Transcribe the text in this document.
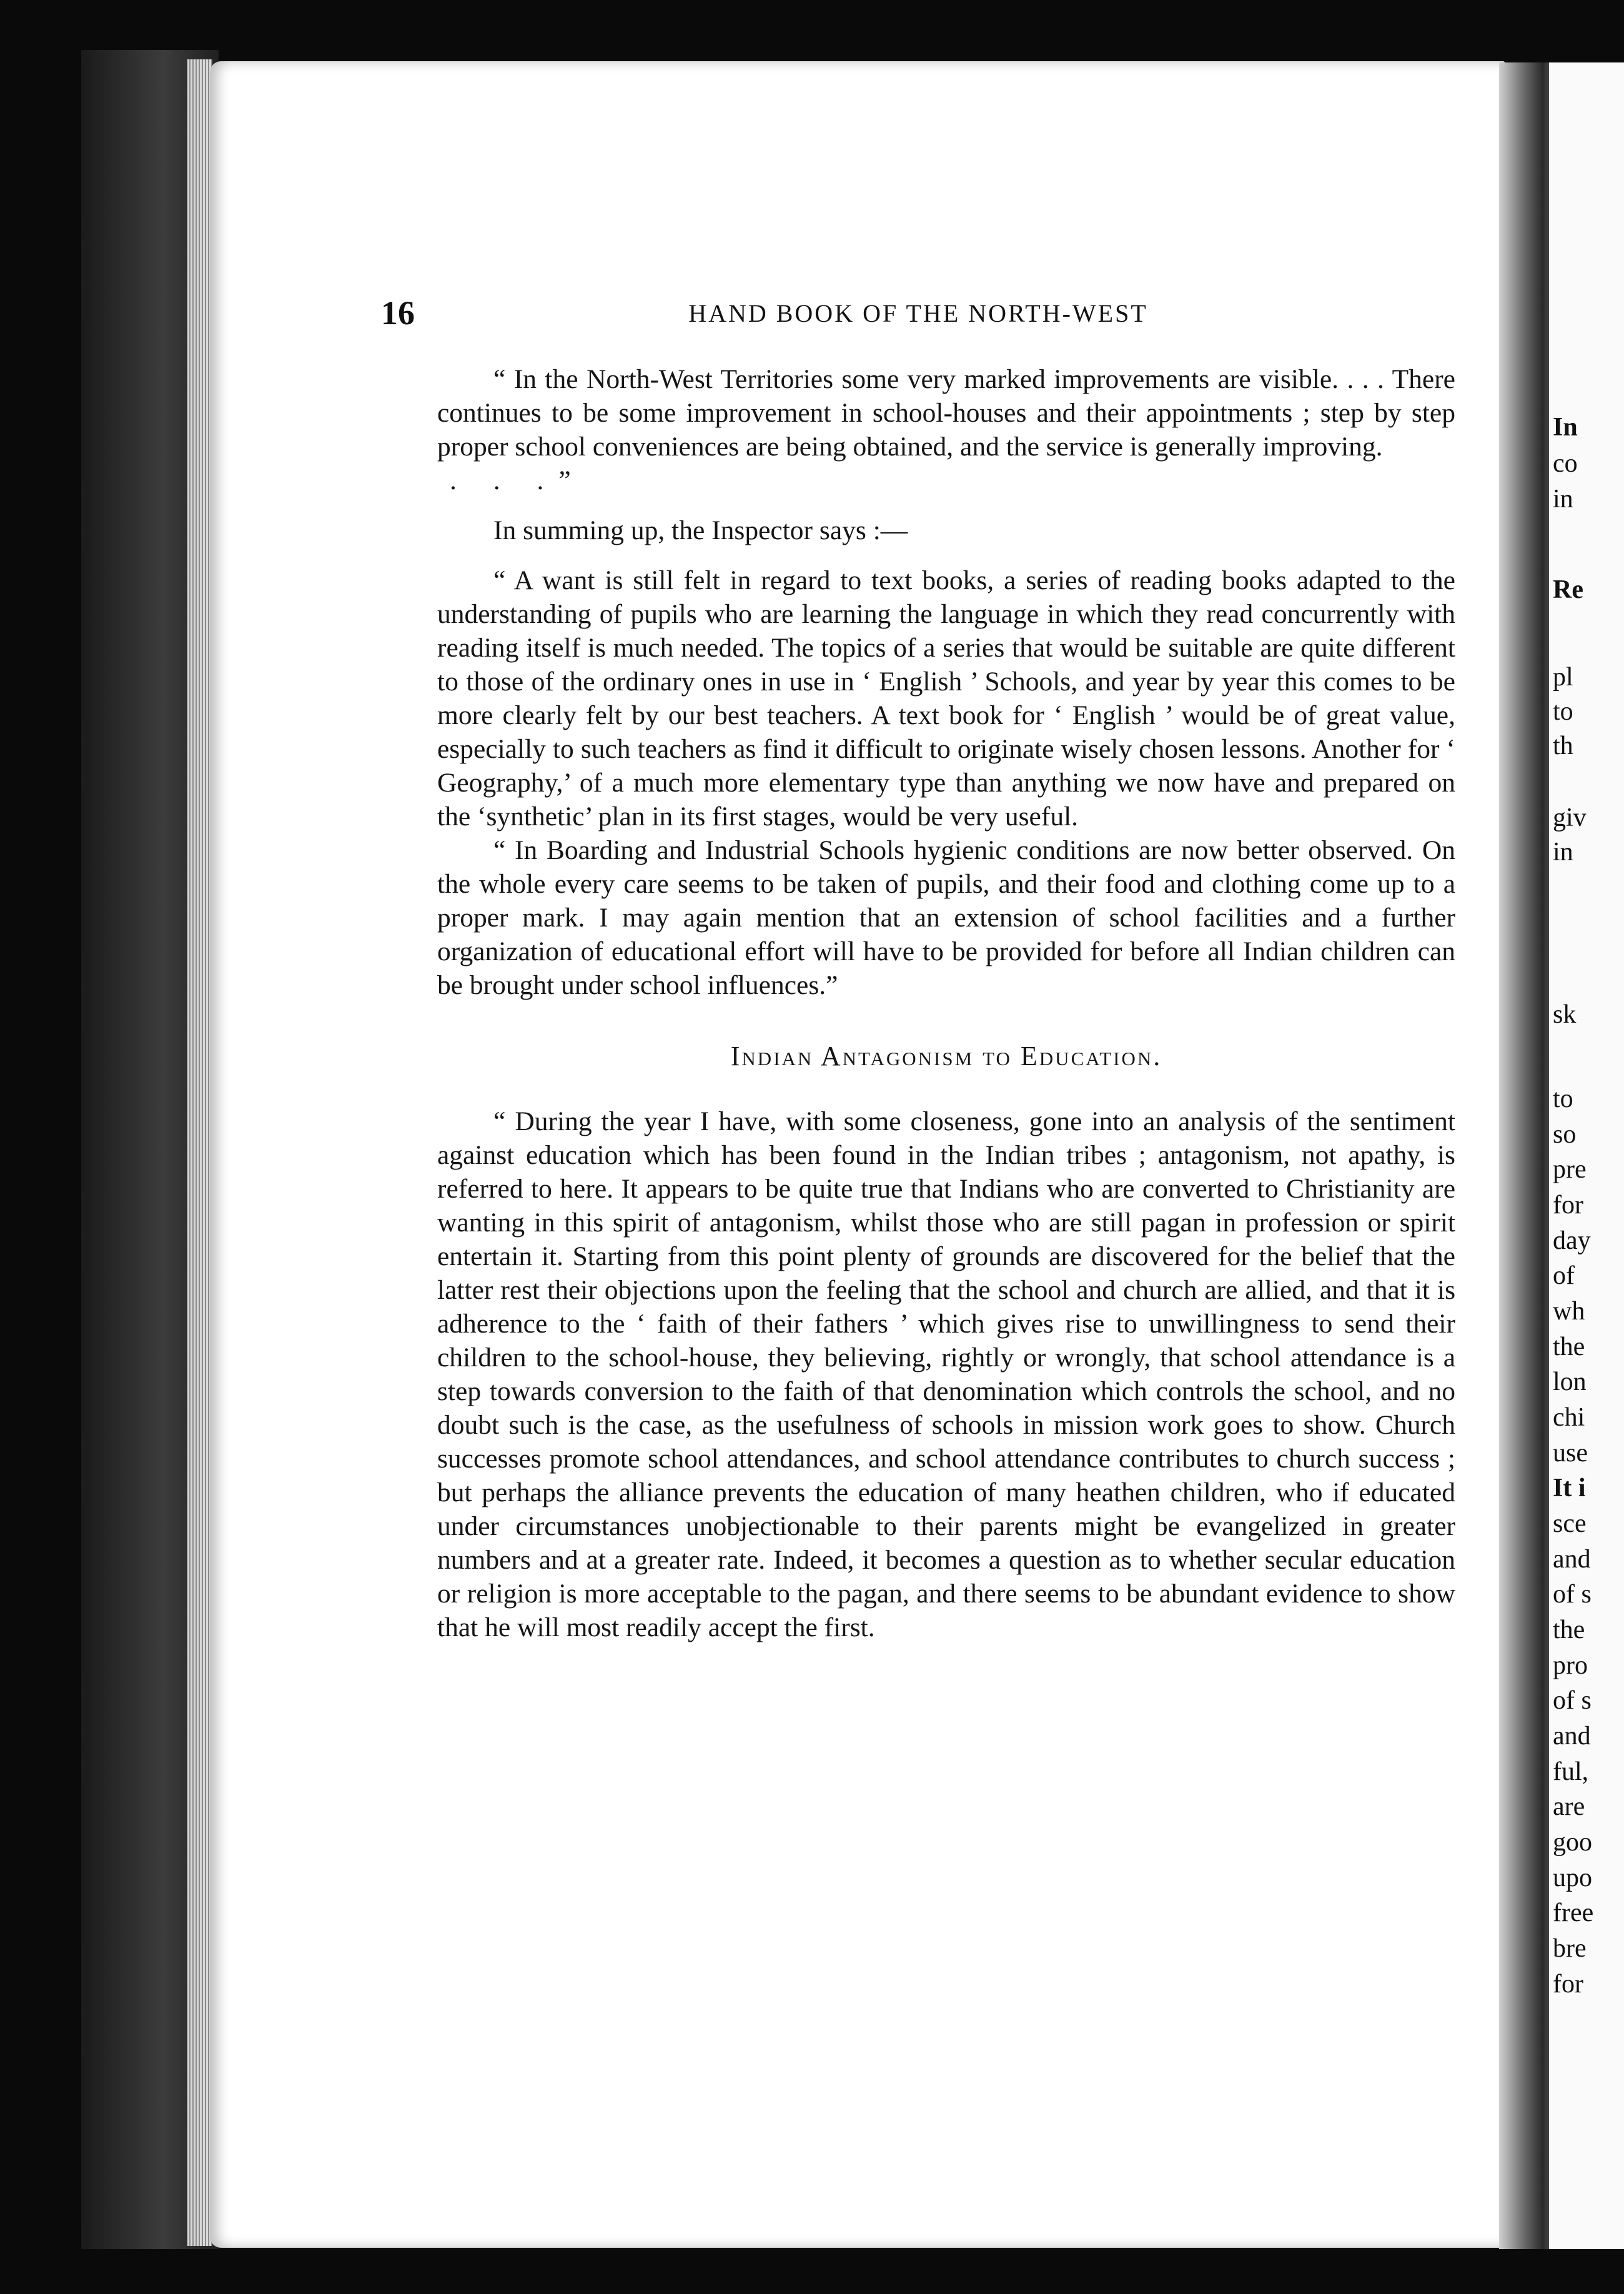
In
co
in
Re
pl
to
th
giv
in
sk
to
so
pre
for
day
of
wh
the
lon
chi
use
It i
sce
and
of s
the
pro
of s
and
ful,
are
goo
upo
free
bre
for
16	HAND BOOK OF THE NORTH-WEST

“ In the North-West Territories some very marked improvements are visible. . . . There continues to be some improvement in school-houses and their appointments ; step by step proper school conveniences are being obtained, and the service is generally improving.

. . .”

In summing up, the Inspector says :—

“ A want is still felt in regard to text books, a series of reading books adapted to the understanding of pupils who are learning the language in which they read concurrently with reading itself is much needed. The topics of a series that would be suitable are quite different to those of the ordinary ones in use in ‘ English ’ Schools, and year by year this comes to be more clearly felt by our best teachers. A text book for ‘ English ’ would be of great value, especially to such teachers as find it difficult to originate wisely chosen lessons. Another for ‘ Geography,’ of a much more elementary type than anything we now have and prepared on the ‘synthetic’ plan in its first stages, would be very useful.

“ In Boarding and Industrial Schools hygienic conditions are now better observed. On the whole every care seems to be taken of pupils, and their food and clothing come up to a proper mark. I may again mention that an extension of school facilities and a further organization of educational effort will have to be provided for before all Indian children can be brought under school influences.”

Indian Antagonism to Education.

“ During the year I have, with some closeness, gone into an analysis of the sentiment against education which has been found in the Indian tribes ; antagonism, not apathy, is referred to here. It appears to be quite true that Indians who are converted to Christianity are wanting in this spirit of antagonism, whilst those who are still pagan in profession or spirit entertain it. Starting from this point plenty of grounds are discovered for the belief that the latter rest their objections upon the feeling that the school and church are allied, and that it is adherence to the ‘ faith of their fathers ’ which gives rise to unwillingness to send their children to the school-house, they believing, rightly or wrongly, that school attendance is a step towards conversion to the faith of that denomination which controls the school, and no doubt such is the case, as the usefulness of schools in mission work goes to show. Church successes promote school attendances, and school attendance contributes to church success ; but perhaps the alliance prevents the education of many heathen children, who if educated under circumstances unobjectionable to their parents might be evangelized in greater numbers and at a greater rate. Indeed, it becomes a question as to whether secular education or religion is more acceptable to the pagan, and there seems to be abundant evidence to show that he will most readily accept the first.
